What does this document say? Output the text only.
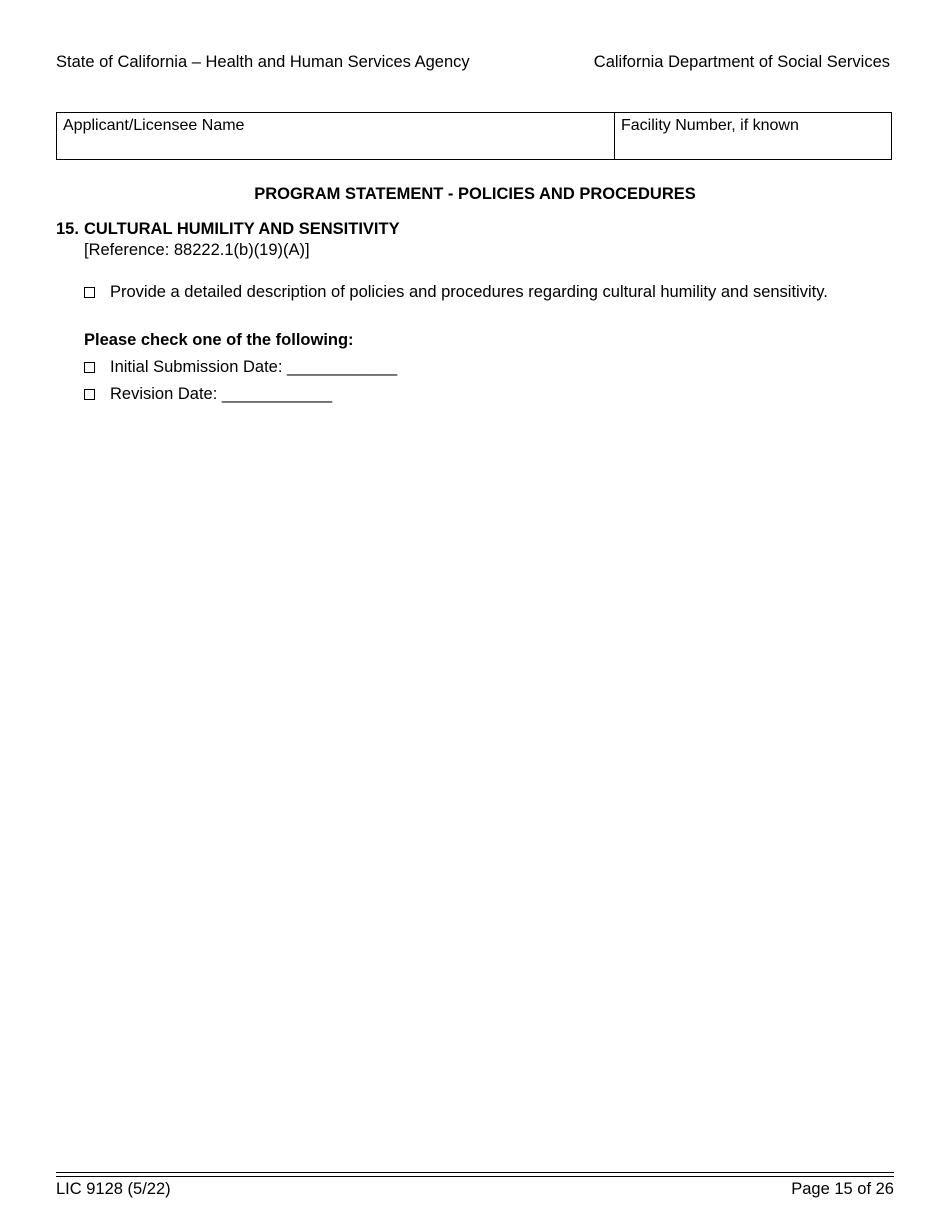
State of California – Health and Human Services Agency	California Department of Social Services
Applicant/Licensee Name	Facility Number, if known
PROGRAM STATEMENT - POLICIES AND PROCEDURES
15. CULTURAL HUMILITY AND SENSITIVITY
[Reference: 88222.1(b)(19)(A)]
Provide a detailed description of policies and procedures regarding cultural humility and sensitivity.
Please check one of the following:
Initial Submission Date: ____________
Revision Date: ____________
LIC 9128 (5/22)	Page 15 of 26
